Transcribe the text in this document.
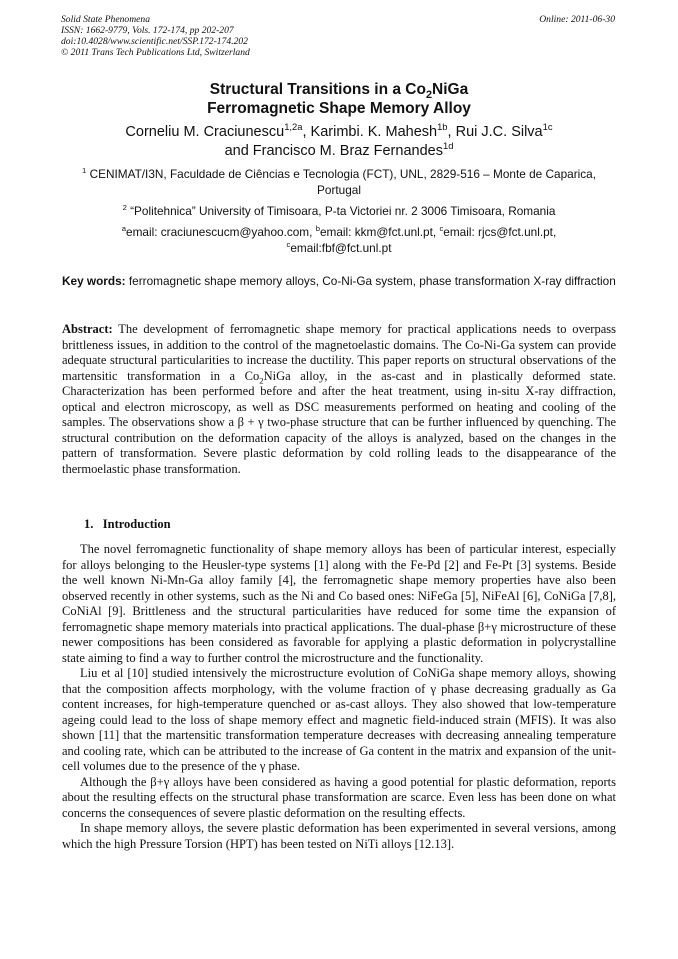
Solid State Phenomena
ISSN: 1662-9779, Vols. 172-174, pp 202-207
doi:10.4028/www.scientific.net/SSP.172-174.202
© 2011 Trans Tech Publications Ltd, Switzerland
Online: 2011-06-30
Structural Transitions in a $Co_2NiGa$
Ferromagnetic Shape Memory Alloy
Corneliu M. Craciunescu$^{1,2a}$, Karimbi. K. Mahesh$^{1b}$, Rui J.C. Silva$^{1c}$
and Francisco M. Braz Fernandes$^{1d}$
$^1$ CENIMAT/I3N, Faculdade de Ciências e Tecnologia (FCT), UNL, 2829-516 – Monte de Caparica, Portugal
$^2$ “Politehnica” University of Timisoara, P-ta Victoriei nr. 2 3006 Timisoara, Romania
$^a$email: craciunescucm@yahoo.com, $^b$email: kkm@fct.unl.pt, $^c$email: rjcs@fct.unl.pt,
$^c$email:fbf@fct.unl.pt
Key words: ferromagnetic shape memory alloys, Co-Ni-Ga system, phase transformation X-ray diffraction
Abstract: The development of ferromagnetic shape memory for practical applications needs to overpass brittleness issues, in addition to the control of the magnetoelastic domains. The Co-Ni-Ga system can provide adequate structural particularities to increase the ductility. This paper reports on structural observations of the martensitic transformation in a $Co_2NiGa$ alloy, in the as-cast and in plastically deformed state. Characterization has been performed before and after the heat treatment, using in-situ X-ray diffraction, optical and electron microscopy, as well as DSC measurements performed on heating and cooling of the samples. The observations show a β + γ two-phase structure that can be further influenced by quenching. The structural contribution on the deformation capacity of the alloys is analyzed, based on the changes in the pattern of transformation. Severe plastic deformation by cold rolling leads to the disappearance of the thermoelastic phase transformation.
1. Introduction

The novel ferromagnetic functionality of shape memory alloys has been of particular interest, especially for alloys belonging to the Heusler-type systems [1] along with the Fe-Pd [2] and Fe-Pt [3] systems. Beside the well known Ni-Mn-Ga alloy family [4], the ferromagnetic shape memory properties have also been observed recently in other systems, such as the Ni and Co based ones: NiFeGa [5], NiFeAl [6], CoNiGa [7,8], CoNiAl [9]. Brittleness and the structural particularities have reduced for some time the expansion of ferromagnetic shape memory materials into practical applications. The dual-phase β+γ microstructure of these newer compositions has been considered as favorable for applying a plastic deformation in polycrystalline state aiming to find a way to further control the microstructure and the functionality.

Liu et al [10] studied intensively the microstructure evolution of CoNiGa shape memory alloys, showing that the composition affects morphology, with the volume fraction of γ phase decreasing gradually as Ga content increases, for high-temperature quenched or as-cast alloys. They also showed that low-temperature ageing could lead to the loss of shape memory effect and magnetic field-induced strain (MFIS). It was also shown [11] that the martensitic transformation temperature decreases with decreasing annealing temperature and cooling rate, which can be attributed to the increase of Ga content in the matrix and expansion of the unit-cell volumes due to the presence of the γ phase.

Although the β+γ alloys have been considered as having a good potential for plastic deformation, reports about the resulting effects on the structural phase transformation are scarce. Even less has been done on what concerns the consequences of severe plastic deformation on the resulting effects.

In shape memory alloys, the severe plastic deformation has been experimented in several versions, among which the high Pressure Torsion (HPT) has been tested on NiTi alloys [12.13].
